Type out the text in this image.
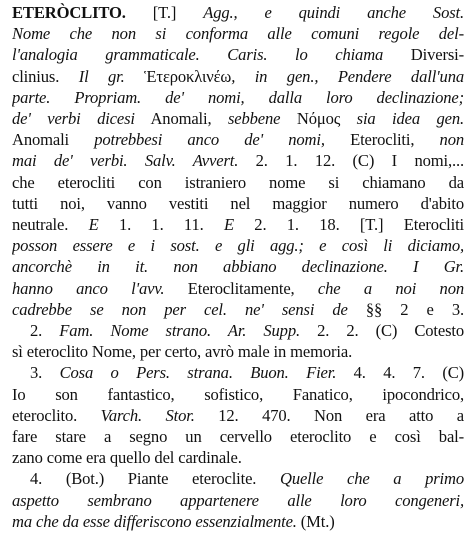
ETERÒCLITO. [T.] Agg., e quindi anche Sost.
Nome che non si conforma alle comuni regole del-
l'analogia grammaticale. Caris. lo chiama Diversi-
clinius. Il gr. Ἑτεροκλινέω, in gen., Pendere dall'una
parte. Propriam. de' nomi, dalla loro declinazione;
de' verbi dicesi Anomali, sebbene Νόμος sia idea gen.
Anomali potrebbesi anco de' nomi, Eterocliti, non
mai de' verbi. Salv. Avvert. 2. 1. 12. (C) I nomi,...
che eterocliti con istraniero nome si chiamano da
tutti noi, vanno vestiti nel maggior numero d'abito
neutrale. E 1. 1. 11. E 2. 1. 18. [T.] Eterocliti
posson essere e i sost. e gli agg.; e così li diciamo,
ancorchè in it. non abbiano declinazione. I Gr.
hanno anco l'avv. Eteroclitamente, che a noi non
cadrebbe se non per cel. ne' sensi de §§ 2 e 3.
2. Fam. Nome strano. Ar. Supp. 2. 2. (C) Cotesto
sì eteroclito Nome, per certo, avrò male in memoria.
3. Cosa o Pers. strana. Buon. Fier. 4. 4. 7. (C)
Io son fantastico, sofistico, Fanatico, ipocondrico,
eteroclito. Varch. Stor. 12. 470. Non era atto a
fare stare a segno un cervello eteroclito e così bal-
zano come era quello del cardinale.
4. (Bot.) Piante eteroclite. Quelle che a primo
aspetto sembrano appartenere alle loro congeneri,
ma che da esse differiscono essenzialmente. (Mt.)
